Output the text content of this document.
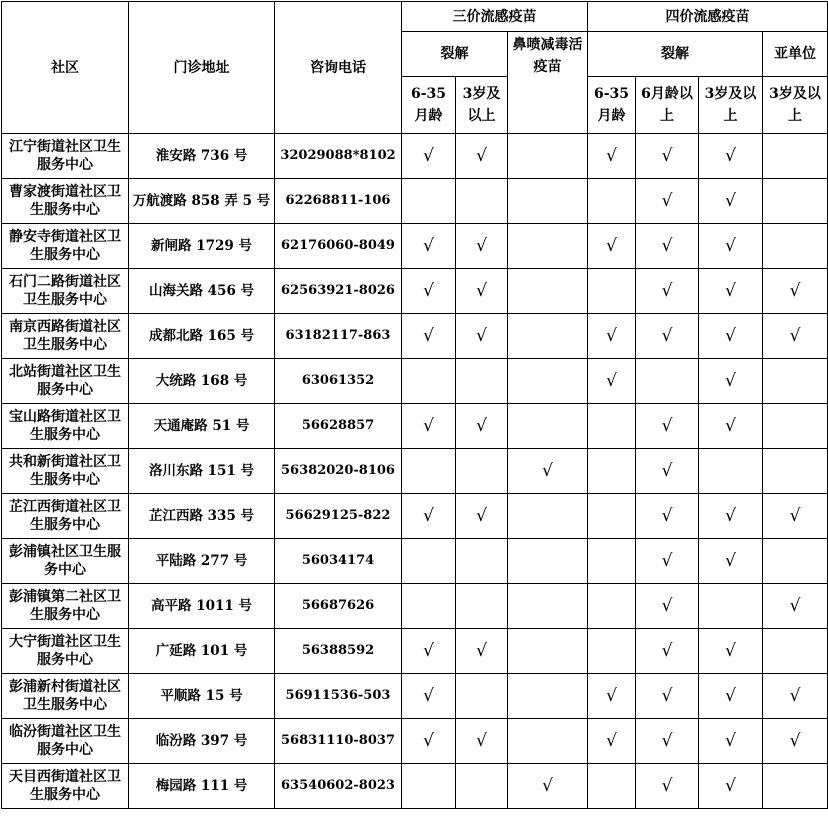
社区	门诊地址	咨询电话	三价流感疫苗			四价流感疫苗			
			裂解		鼻喷减毒活疫苗	裂解			亚单位
			6-35月龄	3岁及以上		6-35月龄	6月龄以上	3岁及以上	3岁及以上
江宁街道社区卫生服务中心	淮安路 736 号	32029088*8102	√	√		√	√	√	
曹家渡街道社区卫生服务中心	万航渡路 858 弄 5 号	62268811-106					√	√	
静安寺街道社区卫生服务中心	新闸路 1729 号	62176060-8049	√	√		√	√	√	
石门二路街道社区卫生服务中心	山海关路 456 号	62563921-8026	√	√			√	√	√
南京西路街道社区卫生服务中心	成都北路 165 号	63182117-863	√	√		√	√	√	√
北站街道社区卫生服务中心	大统路 168 号	63061352				√		√	
宝山路街道社区卫生服务中心	天通庵路 51 号	56628857	√	√			√	√	
共和新街道社区卫生服务中心	洛川东路 151 号	56382020-8106			√		√		
芷江西街道社区卫生服务中心	芷江西路 335 号	56629125-822	√	√			√	√	√
彭浦镇社区卫生服务中心	平陆路 277 号	56034174					√	√	
彭浦镇第二社区卫生服务中心	高平路 1011 号	56687626					√		√
大宁街道社区卫生服务中心	广延路 101 号	56388592	√	√			√	√	
彭浦新村街道社区卫生服务中心	平顺路 15 号	56911536-503	√			√	√	√	√
临汾街道社区卫生服务中心	临汾路 397 号	56831110-8037	√	√		√	√	√	√
天目西街道社区卫生服务中心	梅园路 111 号	63540602-8023			√		√	√	
